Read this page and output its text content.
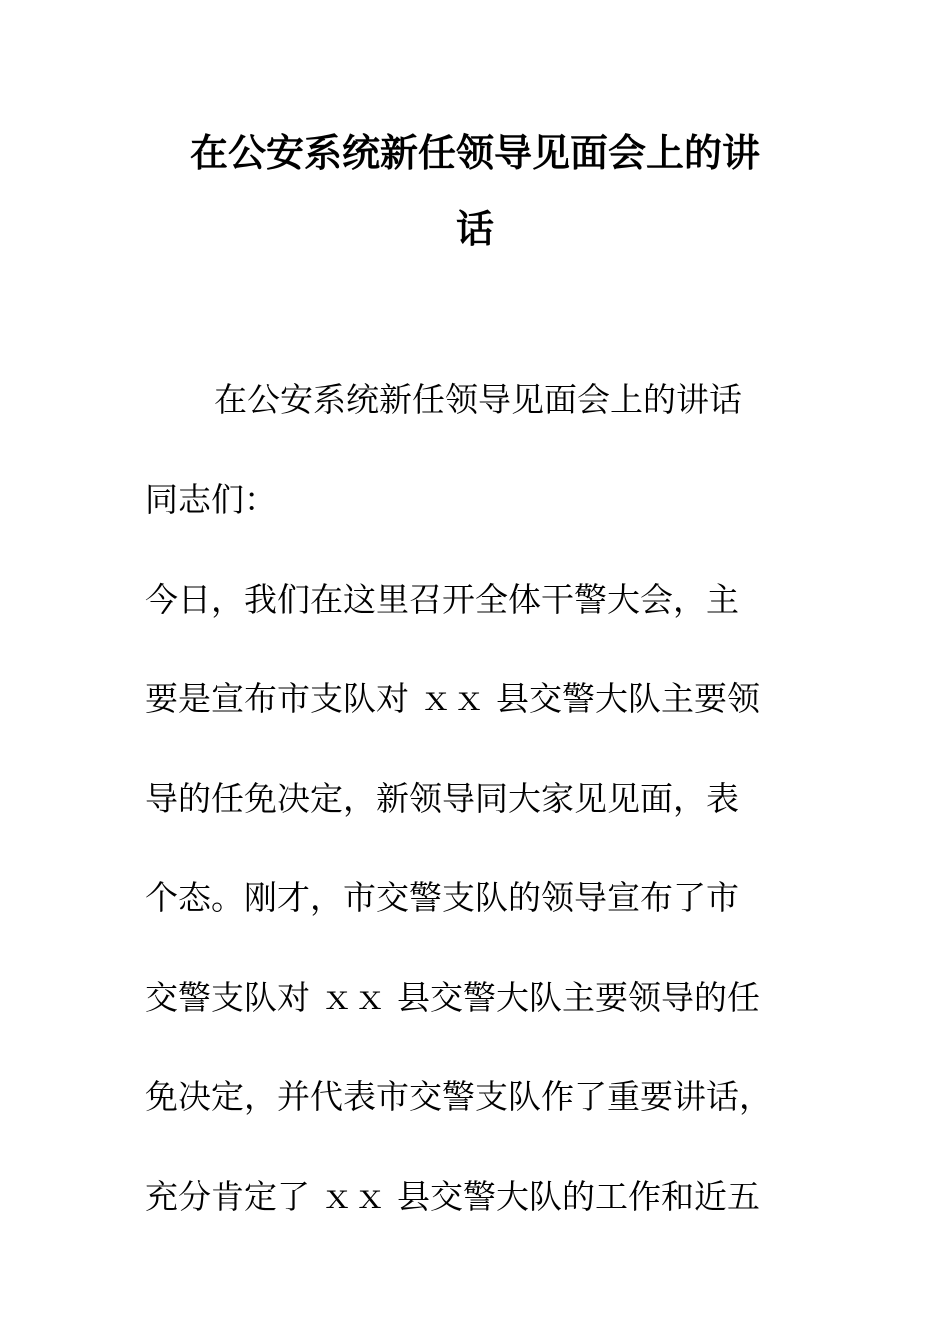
在公安系统新任领导见面会上的讲
话

在公安系统新任领导见面会上的讲话

同志们：

今日，我们在这里召开全体干警大会，主

要是宣布市支队对 ｘｘ 县交警大队主要领

导的任免决定，新领导同大家见见面，表

个态。刚才，市交警支队的领导宣布了市

交警支队对 ｘｘ 县交警大队主要领导的任

免决定，并代表市交警支队作了重要讲话，

充分肯定了 ｘｘ 县交警大队的工作和近五
